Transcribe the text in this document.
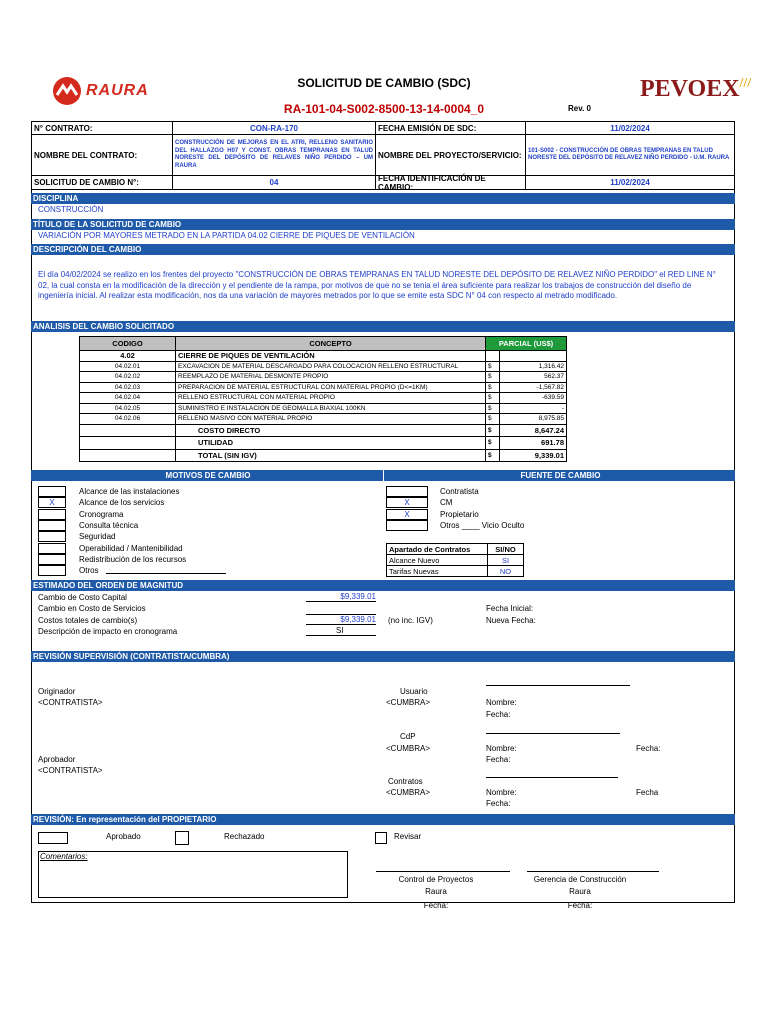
RAURA	PEVOEX///
SOLICITUD DE CAMBIO (SDC)
RA-101-04-S002-8500-13-14-0004_0	Rev. 0
N° CONTRATO:	CON-RA-170	FECHA EMISIÓN DE SDC:	11/02/2024
NOMBRE DEL CONTRATO:
CONSTRUCCIÓN DE MEJORAS EN EL ATRI, RELLENO SANITARIO DEL HALLAZGO H07 Y CONST. OBRAS TEMPRANAS EN TALUD NORESTE DEL DEPÓSITO DE RELAVES NIÑO PERDIDO – UM RAURA
NOMBRE DEL PROYECTO/SERVICIO:	101-S002 - CONSTRUCCIÓN DE OBRAS TEMPRANAS EN TALUD NORESTE DEL DEPÓSITO DE RELAVEZ NIÑO PERDIDO - U.M. RAURA
SOLICITUD DE CAMBIO N°:	04	FECHA IDENTIFICACIÓN DE CAMBIO:	11/02/2024
DISCIPLINA
CONSTRUCCIÓN
TÍTULO DE LA SOLICITUD DE CAMBIO
VARIACIÓN POR MAYORES METRADO EN LA PARTIDA 04.02 CIERRE DE PIQUES DE VENTILACIÓN
DESCRIPCIÓN DEL CAMBIO
El día 04/02/2024 se realizo en los frentes del proyecto "CONSTRUCCIÓN DE OBRAS TEMPRANAS EN TALUD NORESTE DEL DEPÓSITO DE RELAVEZ NIÑO PERDIDO" el RED LINE N° 02, la cual consta en la modificación de la dirección y el pendiente de la rampa, por motivos de que no se tenia el área suficiente para realizar los trabajos de construcción del diseño de ingeniería inicial. Al realizar esta modificación, nos da una variación de mayores metrados por lo que se emite esta SDC N° 04 con respecto al metrado modificado.
ANALISIS DEL CAMBIO SOLICITADO
CODIGO	CONCEPTO	PARCIAL (US$)	
4.02	CIERRE DE PIQUES DE VENTILACIÓN		
04.02.01	EXCAVACION DE MATERIAL DESCARGADO PARA COLOCACION RELLENO ESTRUCTURAL	$	1,316.42
04.02.02	REEMPLAZO DE MATERIAL DESMONTE PROPIO	$	562.37
04.02.03	PREPARACION DE MATERIAL ESTRUCTURAL CON MATERIAL PROPIO (D<=1KM)	$	-1,567.82
04.02.04	RELLENO ESTRUCTURAL CON MATERIAL PROPIO	$	-639.59
04.02.05	SUMINISTRO E INSTALACION DE GEOMALLA BIAXIAL 100KN	$	-
04.02.06	RELLENO MASIVO CON MATERIAL PROPIO	$	8,975.85
	COSTO DIRECTO	$	8,647.24
	UTILIDAD	$	691.78
	TOTAL (SIN IGV)	$	9,339.01
MOTIVOS DE CAMBIO	FUENTE DE CAMBIO
Alcance de las instalaciones
X	Alcance de los servicios
Cronograma
Consulta técnica
Seguridad
Operabilidad / Mantenibilidad
Redistribución de los recursos
Otros
Contratista
X	CM
X	Propietario
Otros ____ Vicio Oculto
Apartado de Contratos	SI/NO
Alcance Nuevo	SI
Tarifas Nuevas	NO
ESTIMADO DEL ORDEN DE MAGNITUD
Cambio de Costo Capital	$9,339.01
Cambio en Costo de Servicios
Costos totales de cambio(s)	$9,339.01 (no inc. IGV)
Descripción de impacto en cronograma	SI
Fecha Inicial:
Nueva Fecha:
REVISIÓN SUPERVISIÓN (CONTRATISTA/CUMBRA)
Originador
<CONTRATISTA>
Aprobador
<CONTRATISTA>
Usuario
<CUMBRA>	Nombre:
Fecha:
CdP
<CUMBRA>	Nombre:
Fecha:
Fecha:
Contratos
<CUMBRA>	Nombre:
Fecha:
Fecha
REVISIÓN: En representación del PROPIETARIO
Aprobado	Rechazado	Revisar
Comentarios:
Control de Proyectos
Raura
Fecha:
Gerencia de Construcción
Raura
Fecha:
